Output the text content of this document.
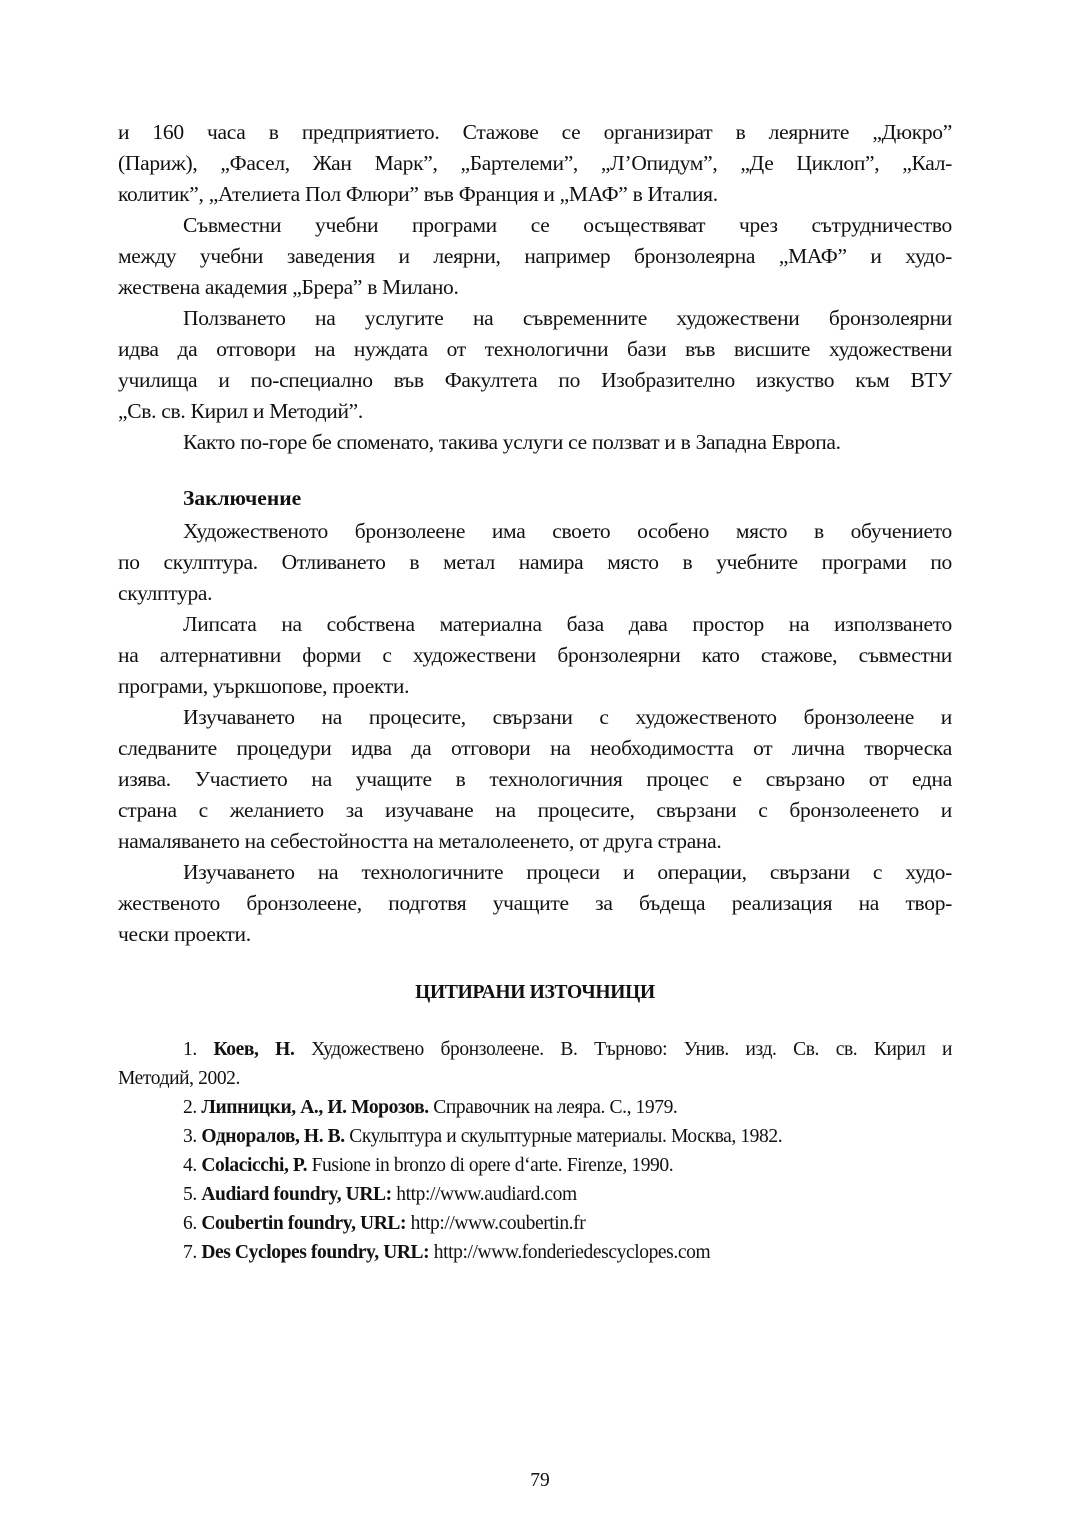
и 160 часа в предприятието. Стажове се организират в леярните „Дюкро”
(Париж), „Фасел, Жан Марк”, „Бартелеми”, „Л’Опидум”, „Де Циклоп”, „Кал-
колитик”, „Ателиета Пол Флюри” във Франция и „МАФ” в Италия.
Съвместни учебни програми се осъществяват чрез сътрудничество
между учебни заведения и леярни, например бронзолеярна „МАФ” и худо-
жествена академия „Брера” в Милано.
Ползването на услугите на съвременните художествени бронзолеярни
идва да отговори на нуждата от технологични бази във висшите художествени
училища и по-специално във Факултета по Изобразително изкуство към ВТУ
„Св. св. Кирил и Методий”.
Както по-горе бе споменато, такива услуги се ползват и в Западна Европа.
Заключение
Художественото бронзолеене има своето особено място в обучението
по скулптура. Отливането в метал намира място в учебните програми по
скулптура.
Липсата на собствена материална база дава простор на използването
на алтернативни форми с художествени бронзолеярни като стажове, съвместни
програми, уъркшопове, проекти.
Изучаването на процесите, свързани с художественото бронзолеене и
следваните процедури идва да отговори на необходимостта от лична творческа
изява. Участието на учащите в технологичния процес е свързано от една
страна с желанието за изучаване на процесите, свързани с бронзолеенето и
намаляването на себестойността на металолеенето, от друга страна.
Изучаването на технологичните процеси и операции, свързани с худо-
жественото бронзолеене, подготвя учащите за бъдеща реализация на твор-
чески проекти.
ЦИТИРАНИ ИЗТОЧНИЦИ
1. Коев, Н. Художествено бронзолеене. В. Търново: Унив. изд. Св. св. Кирил и
Методий, 2002.
2. Липницки, А., И. Морозов. Справочник на леяра. С., 1979.
3. Одноралов, Н. В. Скульптура и скульптурные материалы. Москва, 1982.
4. Colacicchi, P. Fusione in bronzo di opere d‘arte. Firenze, 1990.
5. Audiard foundry, URL: http://www.audiard.com
6. Coubertin foundry, URL: http://www.coubertin.fr
7. Des Cyclopes foundry, URL: http://www.fonderiedescyclopes.com
79
